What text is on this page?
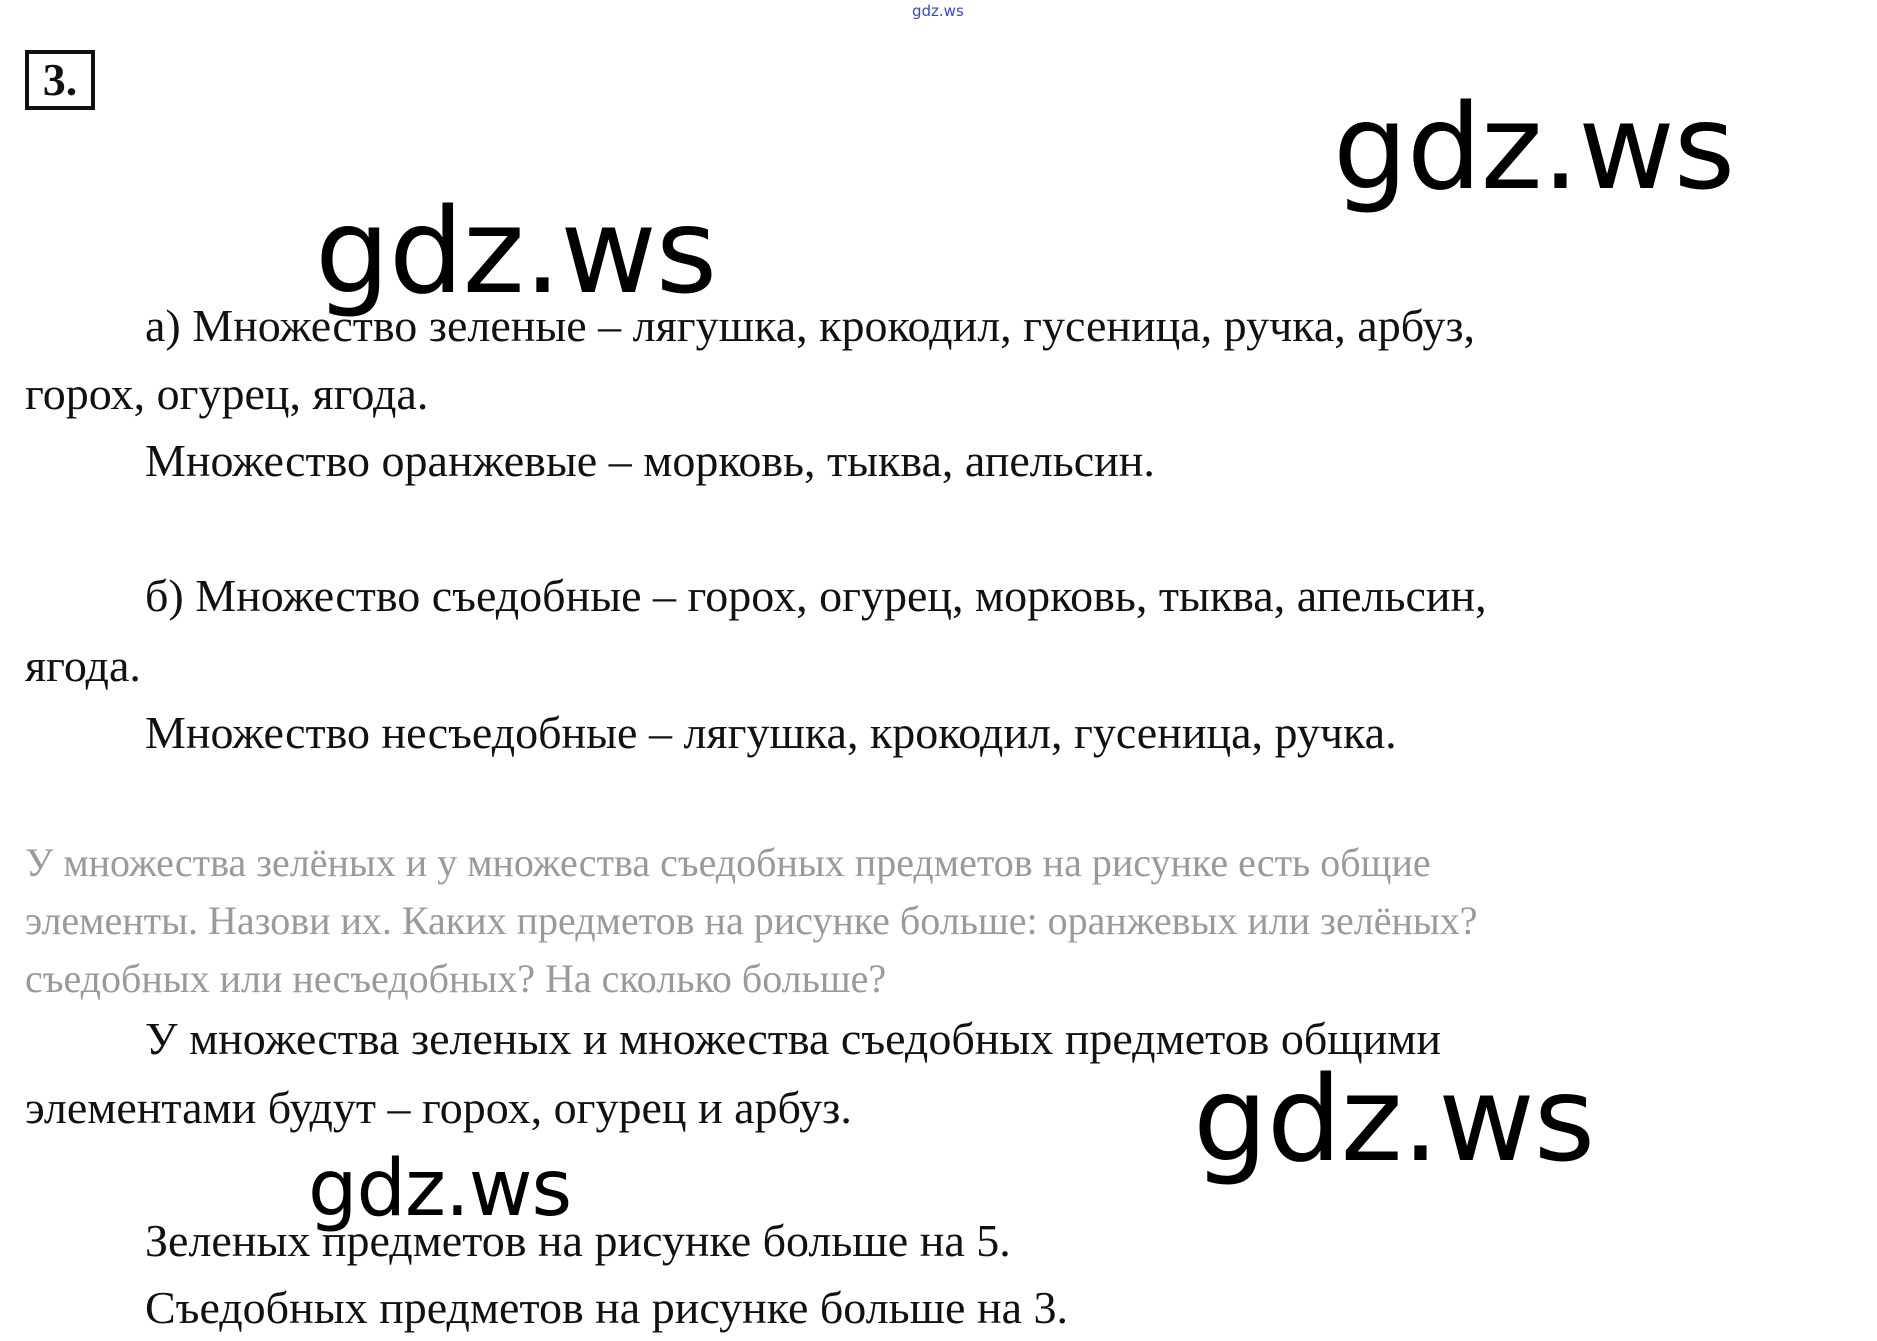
gdz.ws
3.	gdz.ws
gdz.ws
а) Множество зеленые – лягушка, крокодил, гусеница, ручка, арбуз,
горох, огурец, ягода.
Множество оранжевые – морковь, тыква, апельсин.
б) Множество съедобные – горох, огурец, морковь, тыква, апельсин,
ягода.
Множество несъедобные – лягушка, крокодил, гусеница, ручка.
У множества зелёных и у множества съедобных предметов на рисунке есть общие
элементы. Назови их. Каких предметов на рисунке больше: оранжевых или зелёных?
съедобных или несъедобных? На сколько больше?
У множества зеленых и множества съедобных предметов общими
элементами будут – горох, огурец и арбуз.	gdz.ws
gdz.ws
Зеленых предметов на рисунке больше на 5.
Съедобных предметов на рисунке больше на 3.
